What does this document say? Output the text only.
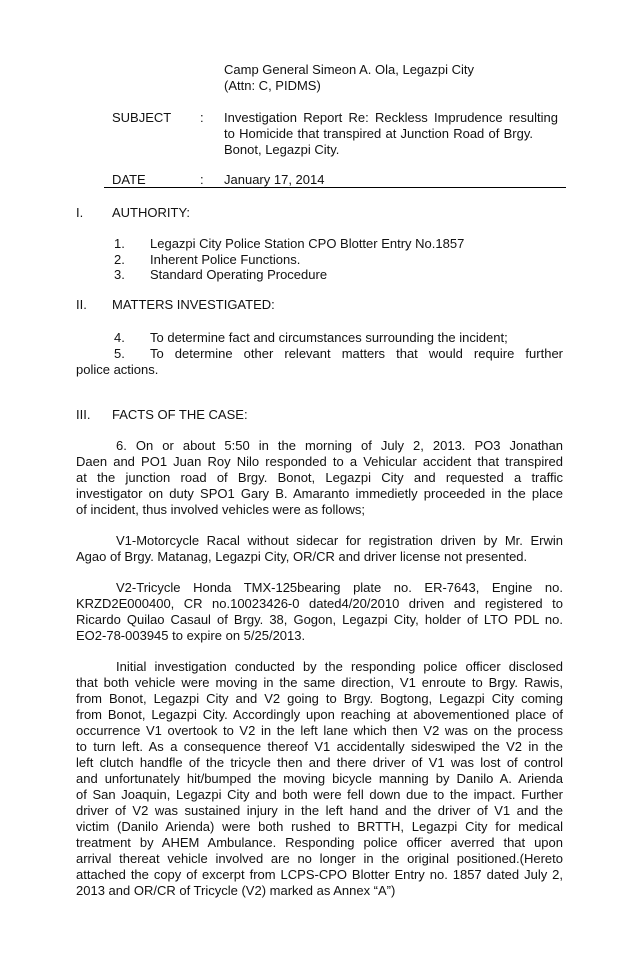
Camp General Simeon A. Ola, Legazpi City
(Attn: C, PIDMS)
SUBJECT : Investigation Report Re: Reckless Imprudence resulting
to Homicide that transpired at Junction Road of Brgy.
Bonot, Legazpi City.
DATE	: January 17, 2014
I. AUTHORITY:
1. Legazpi City Police Station CPO Blotter Entry No.1857
2. Inherent Police Functions.
3. Standard Operating Procedure
II. MATTERS INVESTIGATED:
4. To determine fact and circumstances surrounding the incident;
5. To determine other relevant matters that would require further
police actions.
III. FACTS OF THE CASE:
6. On or about 5:50 in the morning of July 2, 2013. PO3 Jonathan
Daen and PO1 Juan Roy Nilo responded to a Vehicular accident that transpired
at the junction road of Brgy. Bonot, Legazpi City and requested a traffic
investigator on duty SPO1 Gary B. Amaranto immedietly proceeded in the place
of incident, thus involved vehicles were as follows;
V1-Motorcycle Racal without sidecar for registration driven by Mr. Erwin
Agao of Brgy. Matanag, Legazpi City, OR/CR and driver license not presented.
V2-Tricycle Honda TMX-125bearing plate no. ER-7643, Engine no.
KRZD2E000400, CR no.10023426-0 dated4/20/2010 driven and registered to
Ricardo Quilao Casaul of Brgy. 38, Gogon, Legazpi City, holder of LTO PDL no.
EO2-78-003945 to expire on 5/25/2013.
Initial investigation conducted by the responding police officer disclosed
that both vehicle were moving in the same direction, V1 enroute to Brgy. Rawis,
from Bonot, Legazpi City and V2 going to Brgy. Bogtong, Legazpi City coming
from Bonot, Legazpi City. Accordingly upon reaching at abovementioned place of
occurrence V1 overtook to V2 in the left lane which then V2 was on the process
to turn left. As a consequence thereof V1 accidentally sideswiped the V2 in the
left clutch handfle of the tricycle then and there driver of V1 was lost of control
and unfortunately hit/bumped the moving bicycle manning by Danilo A. Arienda
of San Joaquin, Legazpi City and both were fell down due to the impact. Further
driver of V2 was sustained injury in the left hand and the driver of V1 and the
victim (Danilo Arienda) were both rushed to BRTTH, Legazpi City for medical
treatment by AHEM Ambulance. Responding police officer averred that upon
arrival thereat vehicle involved are no longer in the original positioned.(Hereto
attached the copy of excerpt from LCPS-CPO Blotter Entry no. 1857 dated July 2,
2013 and OR/CR of Tricycle (V2) marked as Annex “A”)
